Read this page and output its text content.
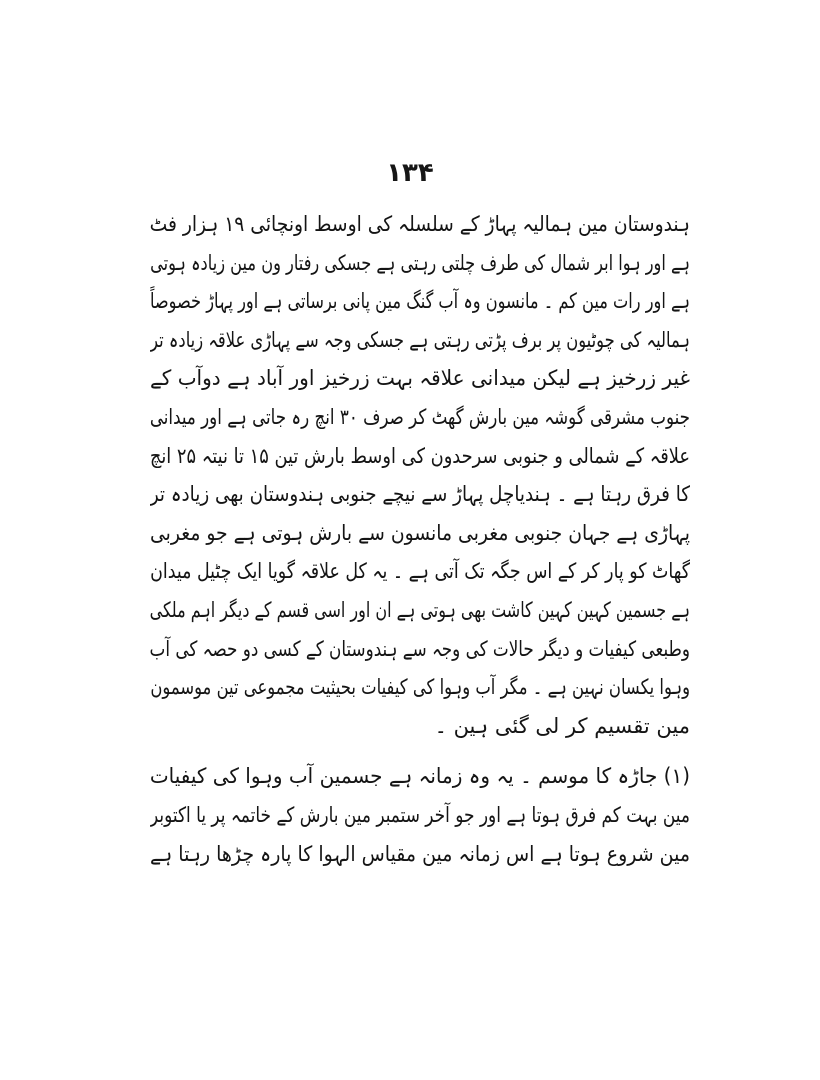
۱۳۴
ہندوستان مین ہمالیہ پہاڑ کے سلسلہ کی اوسط اونچائی ۱۹ ہزار فٹ
ہے اور ہوا ابر شمال کی طرف چلتی رہتی ہے جسکی رفتار ون مین زیادہ ہوتی
ہے اور رات مین کم ۔ مانسون وہ آب گنگ مین پانی برساتی ہے اور پہاڑ خصوصاً
ہمالیہ کی چوٹیون پر برف پڑتی رہتی ہے جسکی وجہ سے پہاڑی علاقہ زیادہ تر
غیر زرخیز ہے لیکن میدانی علاقہ بہت زرخیز اور آباد ہے دوآب کے
جنوب مشرقی گوشہ مین بارش گھٹ کر صرف ۳۰ انچ رہ جاتی ہے اور میدانی
علاقہ کے شمالی و جنوبی سرحدون کی اوسط بارش تین ۱۵ تا نیتہ ۲۵ انچ
کا فرق رہتا ہے ۔ ہندیاچل پہاڑ سے نیچے جنوبی ہندوستان بھی زیادہ تر
پہاڑی ہے جہان جنوبی مغربی مانسون سے بارش ہوتی ہے جو مغربی
گھاٹ کو پار کر کے اس جگہ تک آتی ہے ۔ یہ کل علاقہ گویا ایک چٹیل میدان
ہے جسمین کہین کہین کاشت بھی ہوتی ہے ان اور اسی قسم کے دیگر اہم ملکی
وطبعی کیفیات و دیگر حالات کی وجہ سے ہندوستان کے کسی دو حصہ کی آب
وہوا یکسان نہین ہے ۔ مگر آب وہوا کی کیفیات بحیثیت مجموعی تین موسمون
مین تقسیم کر لی گئی ہین ۔
(۱) جاڑہ کا موسم ۔ یہ وہ زمانہ ہے جسمین آب وہوا کی کیفیات
مین بہت کم فرق ہوتا ہے اور جو آخر ستمبر مین بارش کے خاتمہ پر یا اکتوبر
مین شروع ہوتا ہے اس زمانہ مین مقیاس الہوا کا پارہ چڑھا رہتا ہے
